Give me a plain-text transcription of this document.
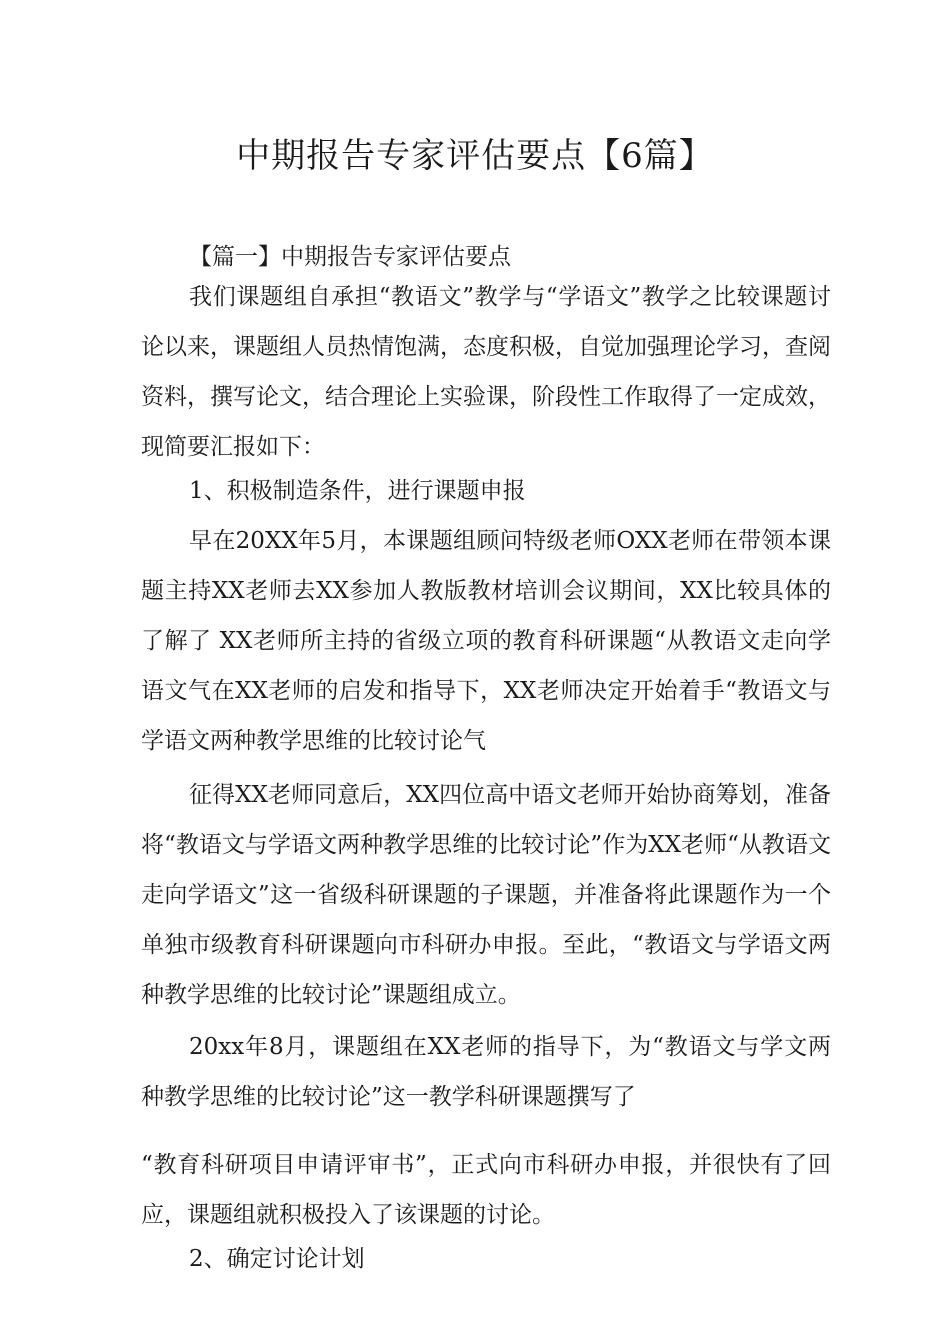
中期报告专家评估要点【6篇】

【篇一】中期报告专家评估要点

我们课题组自承担“教语文”教学与“学语文”教学之比较课题讨论以来，课题组人员热情饱满，态度积极，自觉加强理论学习，查阅资料，撰写论文，结合理论上实验课，阶段性工作取得了一定成效，现简要汇报如下：

1、积极制造条件，进行课题申报

早在20XX年5月，本课题组顾问特级老师OXX老师在带领本课题主持XX老师去XX参加人教版教材培训会议期间，XX比较具体的了解了 XX老师所主持的省级立项的教育科研课题“从教语文走向学语文气在XX老师的启发和指导下，XX老师决定开始着手“教语文与学语文两种教学思维的比较讨论气

征得XX老师同意后，XX四位高中语文老师开始协商筹划，准备将“教语文与学语文两种教学思维的比较讨论”作为XX老师“从教语文走向学语文”这一省级科研课题的子课题，并准备将此课题作为一个单独市级教育科研课题向市科研办申报。至此，“教语文与学语文两种教学思维的比较讨论”课题组成立。

20xx年8月，课题组在XX老师的指导下，为“教语文与学文两种教学思维的比较讨论”这一教学科研课题撰写了

“教育科研项目申请评审书”，正式向市科研办申报，并很快有了回应，课题组就积极投入了该课题的讨论。

2、确定讨论计划
